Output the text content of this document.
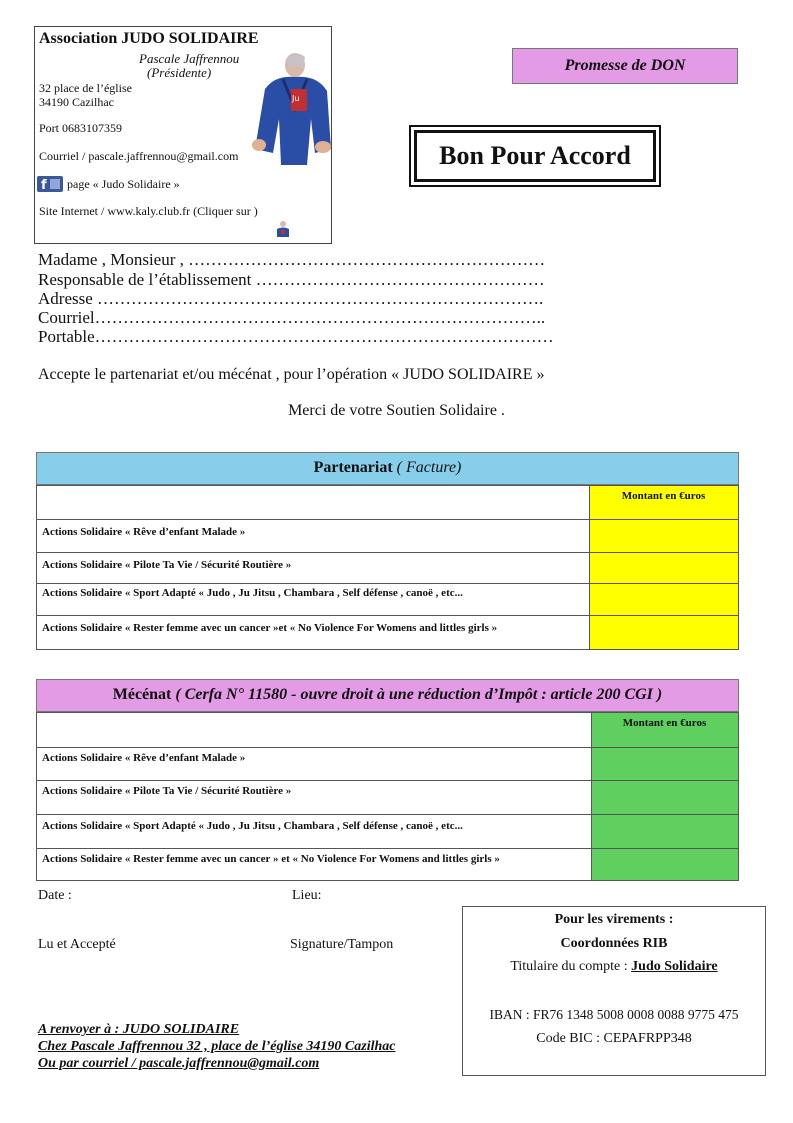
Association JUDO SOLIDAIRE
Pascale Jaffrennou
(Présidente)
32 place de l’église
34190 Cazilhac
Port 0683107359
Courriel / pascale.jaffrennou@gmail.com
f page « Judo Solidaire »
Site Internet / www.kaly.club.fr (Cliquer sur )
Ju
Promesse de DON
Bon Pour Accord
Madame , Monsieur , ………………………………………………………
Responsable de l’établissement ……………………………………………
Adresse …………………………………………………………………….
Courriel……………………………………………………………………..
Portable………………………………………………………………………
Accepte le partenariat et/ou mécénat , pour l’opération « JUDO SOLIDAIRE »
Merci de votre Soutien Solidaire .
Partenariat ( Facture)
Montant en €uros
Actions Solidaire « Rêve d’enfant Malade »
Actions Solidaire « Pilote Ta Vie / Sécurité Routière »
Actions Solidaire « Sport Adapté « Judo , Ju Jitsu , Chambara , Self défense , canoë , etc...
Actions Solidaire « Rester femme avec un cancer »et « No Violence For Womens and littles girls »
Mécénat ( Cerfa N° 11580 - ouvre droit à une réduction d’Impôt : article 200 CGI )
Montant en €uros
Actions Solidaire « Rêve d’enfant Malade »
Actions Solidaire « Pilote Ta Vie / Sécurité Routière »
Actions Solidaire « Sport Adapté « Judo , Ju Jitsu , Chambara , Self défense , canoë , etc...
Actions Solidaire « Rester femme avec un cancer » et « No Violence For Womens and littles girls »
Date :	Lieu:
Lu et Accepté	Signature/Tampon
Pour les virements :
Coordonnées RIB
Titulaire du compte : Judo Solidaire
IBAN : FR76 1348 5008 0008 0088 9775 475
Code BIC : CEPAFRPP348
A renvoyer à : JUDO SOLIDAIRE
Chez Pascale Jaffrennou 32 , place de l’église 34190 Cazilhac
Ou par courriel / pascale.jaffrennou@gmail.com
